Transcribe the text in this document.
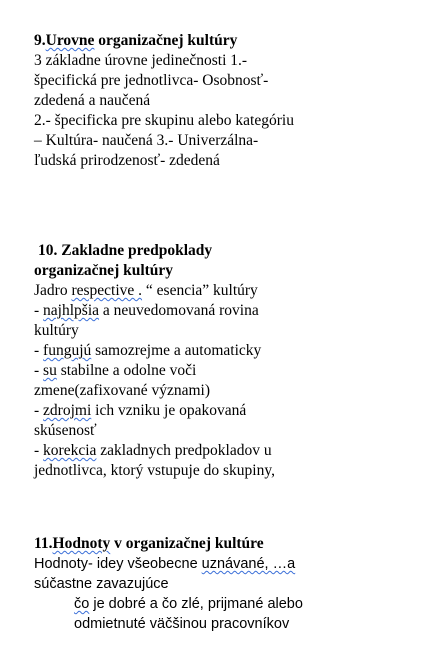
9.Urovne organizačnej kultúry
3 základne úrovne jedinečnosti 1.-
špecifická pre jednotlivca- Osobnosť-
zdedená a naučená
2.- špecificka pre skupinu alebo kategóriu
– Kultúra- naučená 3.- Univerzálna-
ľudská prirodzenosť- zdedená
10. Zakladne predpoklady
organizačnej kultúry
Jadro respective . “ esencia” kultúry
- najhlpšia a neuvedomovaná rovina
kultúry
- fungujú samozrejme a automaticky
- su stabilne a odolne voči
zmene(zafixované význami)
- zdrojmi ich vzniku je opakovaná
skúsenosť
- korekcia zakladnych predpokladov u
jednotlivca, ktorý vstupuje do skupiny,
11.Hodnoty v organizačnej kultúre
Hodnoty- idey všeobecne uznávané, …a
súčastne zavazujúce
čo je dobré a čo zlé, prijmané alebo
odmietnuté väčšinou pracovníkov
